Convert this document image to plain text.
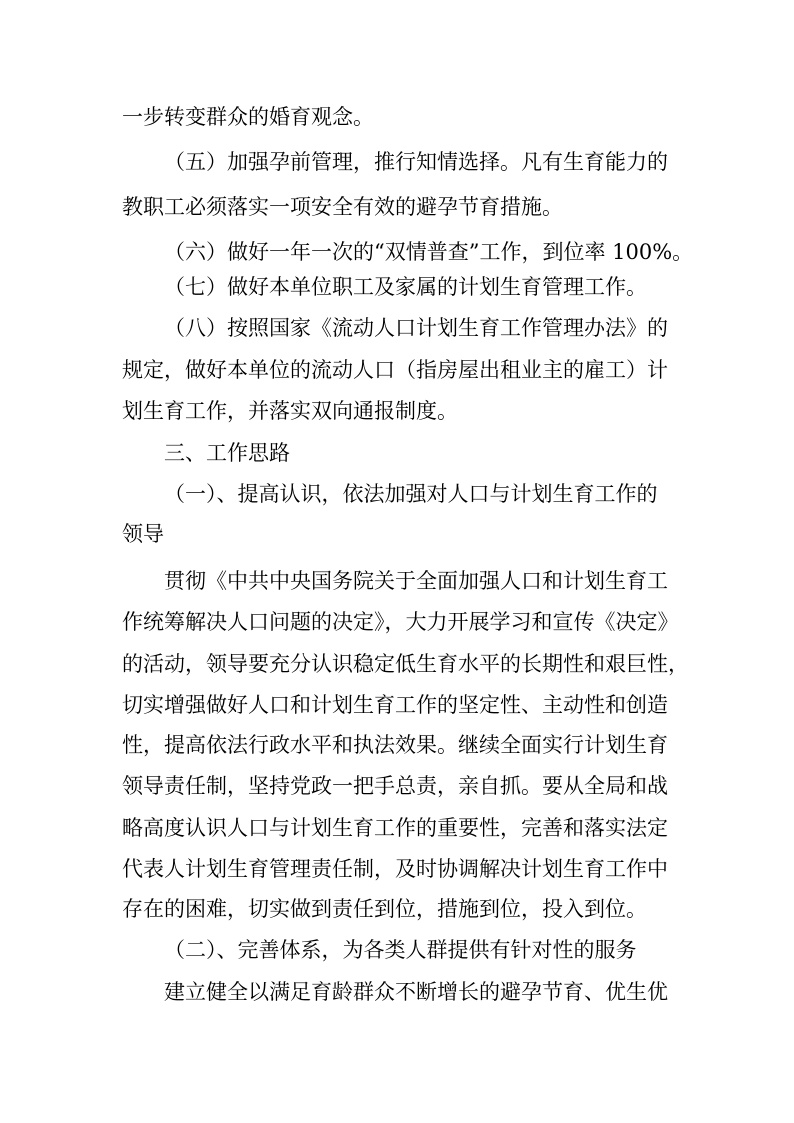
一步转变群众的婚育观念。
（五）加强孕前管理，推行知情选择。凡有生育能力的
教职工必须落实一项安全有效的避孕节育措施。
（六）做好一年一次的“双情普查”工作，到位率 100%。
（七）做好本单位职工及家属的计划生育管理工作。
（八）按照国家《流动人口计划生育工作管理办法》的
规定，做好本单位的流动人口（指房屋出租业主的雇工）计
划生育工作，并落实双向通报制度。
三、工作思路
（一）、提高认识，依法加强对人口与计划生育工作的
领导
贯彻《中共中央国务院关于全面加强人口和计划生育工
作统筹解决人口问题的决定》，大力开展学习和宣传《决定》
的活动，领导要充分认识稳定低生育水平的长期性和艰巨性，
切实增强做好人口和计划生育工作的坚定性、主动性和创造
性，提高依法行政水平和执法效果。继续全面实行计划生育
领导责任制，坚持党政一把手总责，亲自抓。要从全局和战
略高度认识人口与计划生育工作的重要性，完善和落实法定
代表人计划生育管理责任制，及时协调解决计划生育工作中
存在的困难，切实做到责任到位，措施到位，投入到位。
（二）、完善体系，为各类人群提供有针对性的服务
建立健全以满足育龄群众不断增长的避孕节育、优生优
